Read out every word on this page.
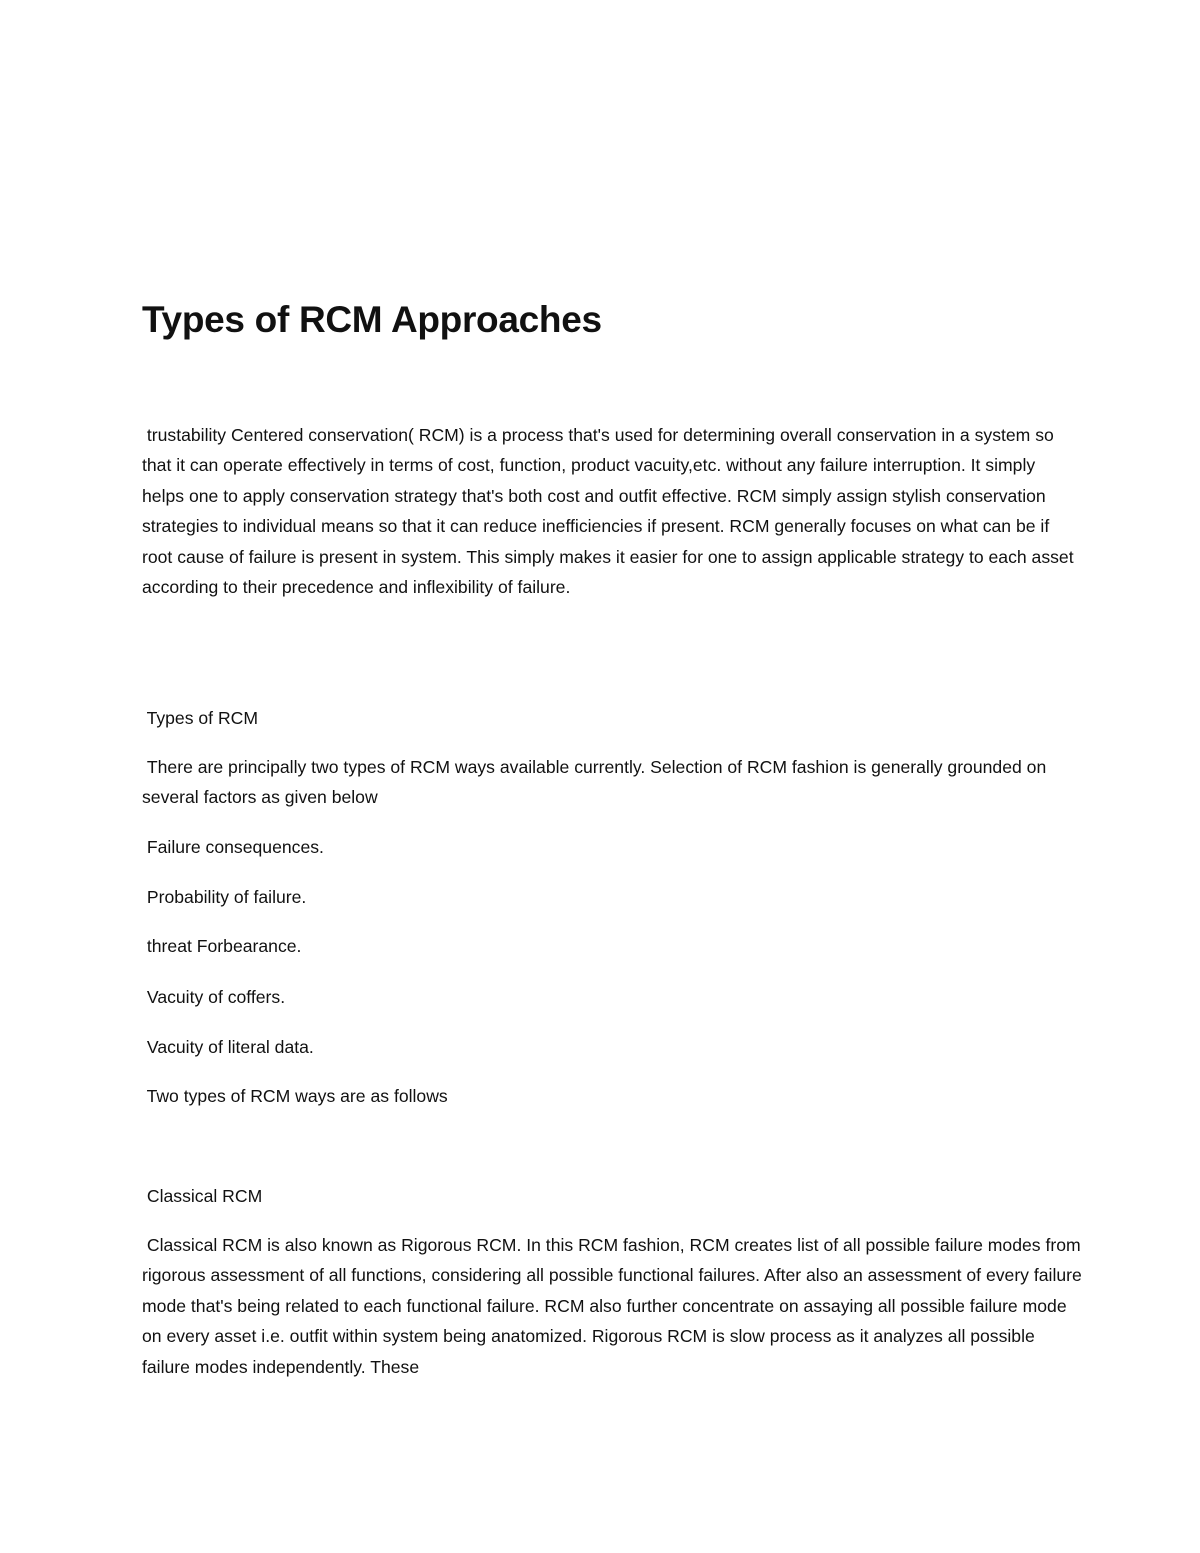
Types of RCM Approaches

trustability Centered conservation( RCM) is a process that's used for determining overall conservation in a system so that it can operate effectively in terms of cost, function, product vacuity,etc. without any failure interruption. It simply helps one to apply conservation strategy that's both cost and outfit effective. RCM simply assign stylish conservation strategies to individual means so that it can reduce inefficiencies if present. RCM generally focuses on what can be if root cause of failure is present in system. This simply makes it easier for one to assign applicable strategy to each asset according to their precedence and inflexibility of failure.

Types of RCM

There are principally two types of RCM ways available currently. Selection of RCM fashion is generally grounded on several factors as given below

Failure consequences.

Probability of failure.

threat Forbearance.

Vacuity of coffers.

Vacuity of literal data.

Two types of RCM ways are as follows

Classical RCM

Classical RCM is also known as Rigorous RCM. In this RCM fashion, RCM creates list of all possible failure modes from rigorous assessment of all functions, considering all possible functional failures. After also an assessment of every failure mode that's being related to each functional failure. RCM also further concentrate on assaying all possible failure mode on every asset i.e. outfit within system being anatomized. Rigorous RCM is slow process as it analyzes all possible failure modes independently. These
